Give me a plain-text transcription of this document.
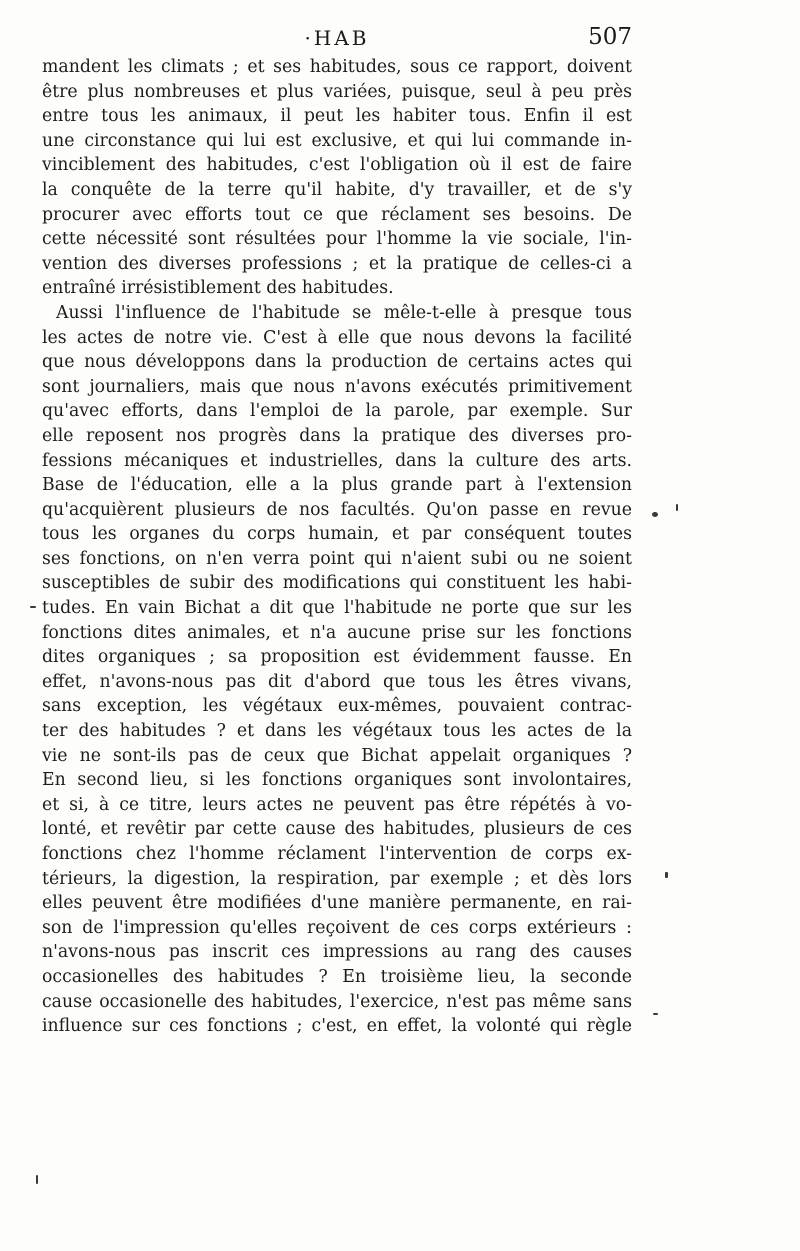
·HAB	507
mandent les climats ; et ses habitudes, sous ce rapport, doivent
être plus nombreuses et plus variées, puisque, seul à peu près
entre tous les animaux, il peut les habiter tous. Enfin il est
une circonstance qui lui est exclusive, et qui lui commande in-
vinciblement des habitudes, c'est l'obligation où il est de faire
la conquête de la terre qu'il habite, d'y travailler, et de s'y
procurer avec efforts tout ce que réclament ses besoins. De
cette nécessité sont résultées pour l'homme la vie sociale, l'in-
vention des diverses professions ; et la pratique de celles-ci a
entraîné irrésistiblement des habitudes.
Aussi l'influence de l'habitude se mêle-t-elle à presque tous
les actes de notre vie. C'est à elle que nous devons la facilité
que nous développons dans la production de certains actes qui
sont journaliers, mais que nous n'avons exécutés primitivement
qu'avec efforts, dans l'emploi de la parole, par exemple. Sur
elle reposent nos progrès dans la pratique des diverses pro-
fessions mécaniques et industrielles, dans la culture des arts.
Base de l'éducation, elle a la plus grande part à l'extension
qu'acquièrent plusieurs de nos facultés. Qu'on passe en revue
tous les organes du corps humain, et par conséquent toutes
ses fonctions, on n'en verra point qui n'aient subi ou ne soient
susceptibles de subir des modifications qui constituent les habi-
tudes. En vain Bichat a dit que l'habitude ne porte que sur les
fonctions dites animales, et n'a aucune prise sur les fonctions
dites organiques ; sa proposition est évidemment fausse. En
effet, n'avons-nous pas dit d'abord que tous les êtres vivans,
sans exception, les végétaux eux-mêmes, pouvaient contrac-
ter des habitudes ? et dans les végétaux tous les actes de la
vie ne sont-ils pas de ceux que Bichat appelait organiques ?
En second lieu, si les fonctions organiques sont involontaires,
et si, à ce titre, leurs actes ne peuvent pas être répétés à vo-
lonté, et revêtir par cette cause des habitudes, plusieurs de ces
fonctions chez l'homme réclament l'intervention de corps ex-
térieurs, la digestion, la respiration, par exemple ; et dès lors
elles peuvent être modifiées d'une manière permanente, en rai-
son de l'impression qu'elles reçoivent de ces corps extérieurs :
n'avons-nous pas inscrit ces impressions au rang des causes
occasionelles des habitudes ? En troisième lieu, la seconde
cause occasionelle des habitudes, l'exercice, n'est pas même sans
influence sur ces fonctions ; c'est, en effet, la volonté qui règle
